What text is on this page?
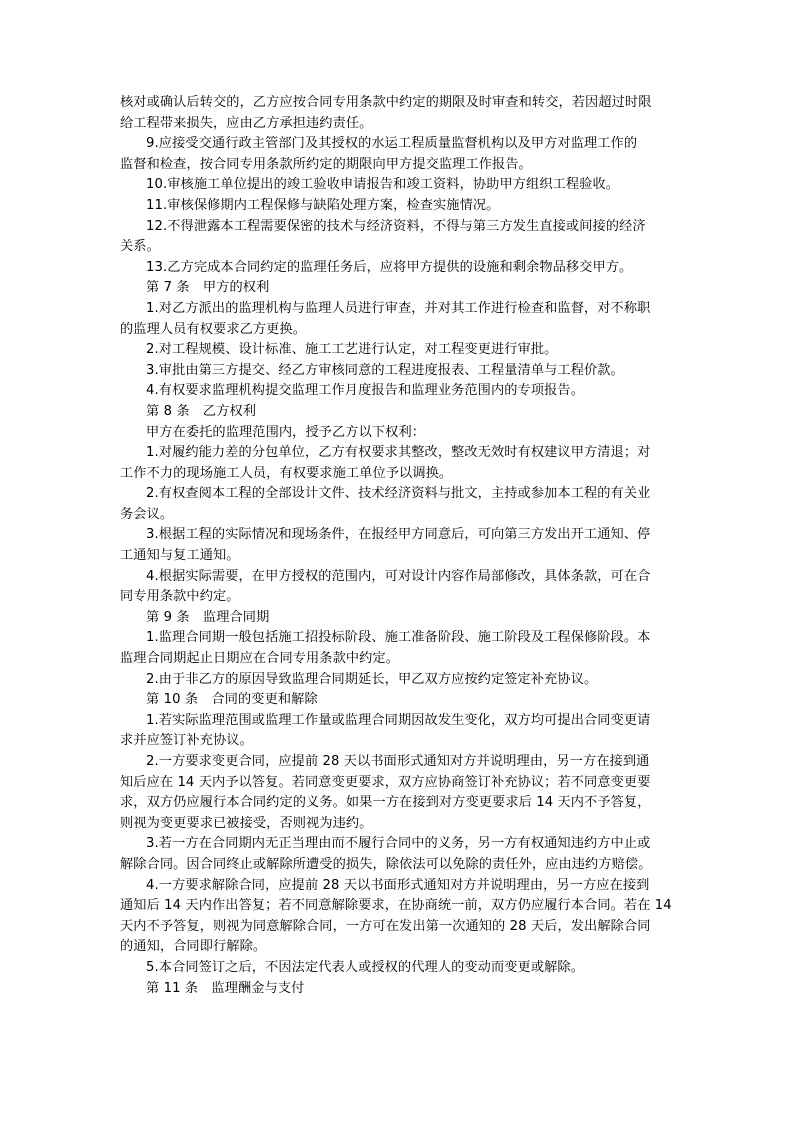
核对或确认后转交的，乙方应按合同专用条款中约定的期限及时审查和转交，若因超过时限
给工程带来损失，应由乙方承担违约责任。
9.应接受交通行政主管部门及其授权的水运工程质量监督机构以及甲方对监理工作的
监督和检查，按合同专用条款所约定的期限向甲方提交监理工作报告。
10.审核施工单位提出的竣工验收申请报告和竣工资料，协助甲方组织工程验收。
11.审核保修期内工程保修与缺陷处理方案，检查实施情况。
12.不得泄露本工程需要保密的技术与经济资料，不得与第三方发生直接或间接的经济
关系。
13.乙方完成本合同约定的监理任务后，应将甲方提供的设施和剩余物品移交甲方。
第 7 条　甲方的权利
1.对乙方派出的监理机构与监理人员进行审查，并对其工作进行检查和监督，对不称职
的监理人员有权要求乙方更换。
2.对工程规模、设计标准、施工工艺进行认定，对工程变更进行审批。
3.审批由第三方提交、经乙方审核同意的工程进度报表、工程量清单与工程价款。
4.有权要求监理机构提交监理工作月度报告和监理业务范围内的专项报告。
第 8 条　乙方权利
甲方在委托的监理范围内，授予乙方以下权利：
1.对履约能力差的分包单位，乙方有权要求其整改，整改无效时有权建议甲方清退；对
工作不力的现场施工人员，有权要求施工单位予以调换。
2.有权查阅本工程的全部设计文件、技术经济资料与批文，主持或参加本工程的有关业
务会议。
3.根据工程的实际情况和现场条件，在报经甲方同意后，可向第三方发出开工通知、停
工通知与复工通知。
4.根据实际需要，在甲方授权的范围内，可对设计内容作局部修改，具体条款，可在合
同专用条款中约定。
第 9 条　监理合同期
1.监理合同期一般包括施工招投标阶段、施工准备阶段、施工阶段及工程保修阶段。本
监理合同期起止日期应在合同专用条款中约定。
2.由于非乙方的原因导致监理合同期延长，甲乙双方应按约定签定补充协议。
第 10 条　合同的变更和解除
1.若实际监理范围或监理工作量或监理合同期因故发生变化，双方均可提出合同变更请
求并应签订补充协议。
2.一方要求变更合同，应提前 28 天以书面形式通知对方并说明理由，另一方在接到通
知后应在 14 天内予以答复。若同意变更要求，双方应协商签订补充协议；若不同意变更要
求，双方仍应履行本合同约定的义务。如果一方在接到对方变更要求后 14 天内不予答复，
则视为变更要求已被接受，否则视为违约。
3.若一方在合同期内无正当理由而不履行合同中的义务，另一方有权通知违约方中止或
解除合同。因合同终止或解除所遭受的损失，除依法可以免除的责任外，应由违约方赔偿。
4.一方要求解除合同，应提前 28 天以书面形式通知对方并说明理由，另一方应在接到
通知后 14 天内作出答复；若不同意解除要求，在协商统一前，双方仍应履行本合同。若在 14
天内不予答复，则视为同意解除合同，一方可在发出第一次通知的 28 天后，发出解除合同
的通知，合同即行解除。
5.本合同签订之后，不因法定代表人或授权的代理人的变动而变更或解除。
第 11 条　监理酬金与支付
